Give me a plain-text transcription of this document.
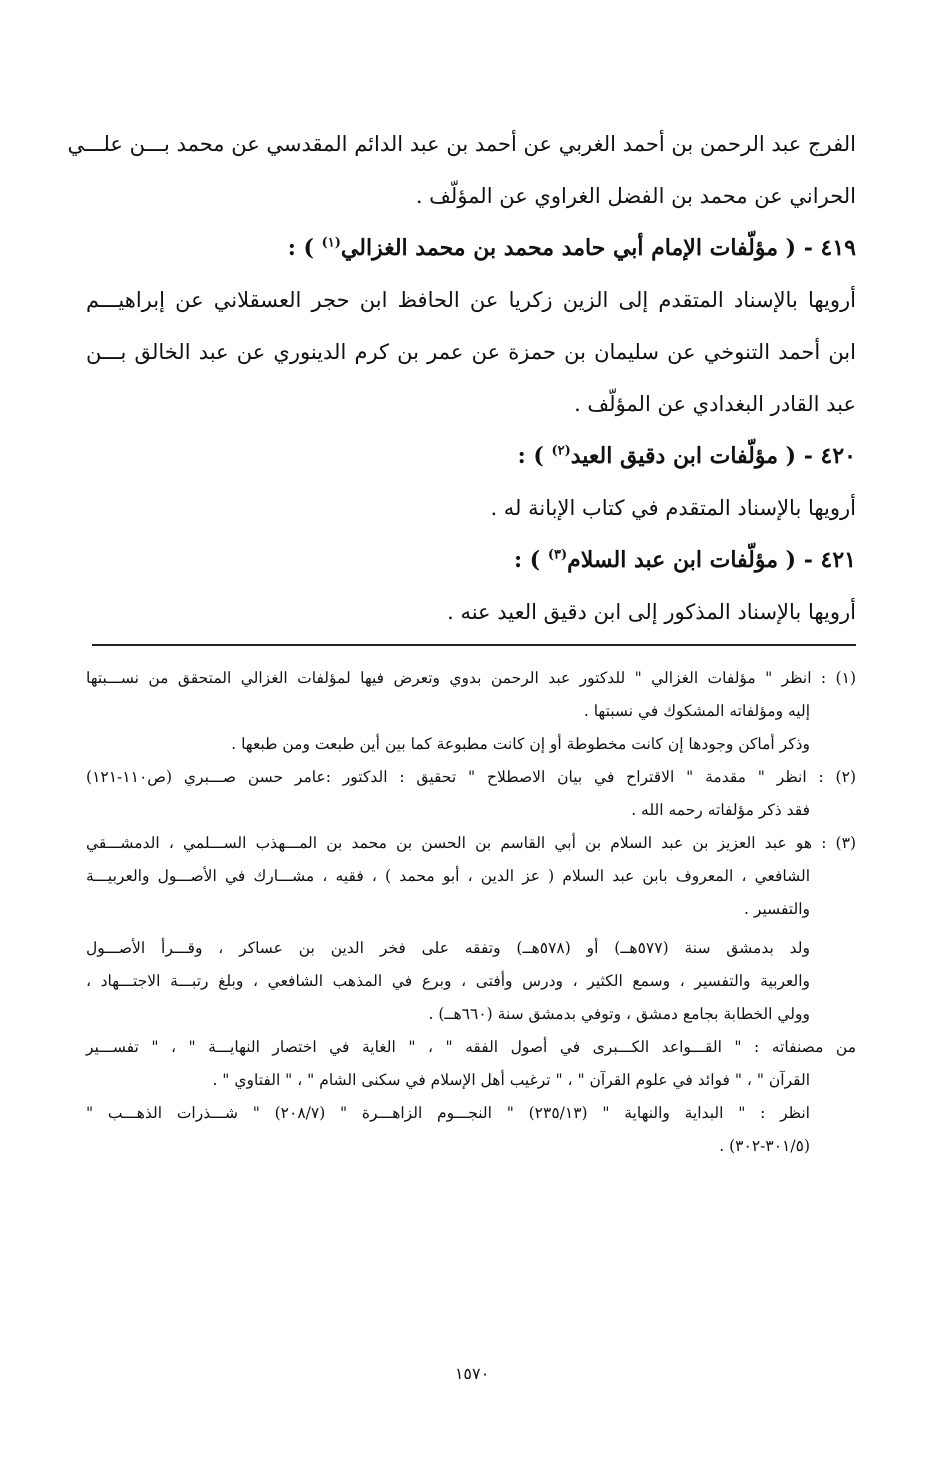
الفرج عبد الرحمن بن أحمد الغربي عن أحمد بن عبد الدائم المقدسي عن محمد بـــن علـــي
الحراني عن محمد بن الفضل الغراوي عن المؤلّف .
٤١٩ - ( مؤلّفات الإمام أبي حامد محمد بن محمد الغزالي$^{(١)}$ ) :
أرويها بالإسناد المتقدم إلى الزين زكريا عن الحافظ ابن حجر العسقلاني عن إبراهيـــم
ابن أحمد التنوخي عن سليمان بن حمزة عن عمر بن كرم الدينوري عن عبد الخالق بـــن
عبد القادر البغدادي عن المؤلّف .
٤٢٠ - ( مؤلّفات ابن دقيق العيد$^{(٢)}$ ) :
أرويها بالإسناد المتقدم في كتاب الإبانة له .
٤٢١ - ( مؤلّفات ابن عبد السلام$^{(٣)}$ ) :
أرويها بالإسناد المذكور إلى ابن دقيق العيد عنه .
(١) : انظر " مؤلفات الغزالي " للدكتور عبد الرحمن بدوي وتعرض فيها لمؤلفات الغزالي المتحقق من نســـبتها
إليه ومؤلفاته المشكوك في نسبتها .
وذكر أماكن وجودها إن كانت مخطوطة أو إن كانت مطبوعة كما بين أين طبعت ومن طبعها .
(٢) : انظر " مقدمة " الاقتراح في بيان الاصطلاح " تحقيق : الدكتور :عامر حسن صـــبري (ص١١٠-١٢١)
فقد ذكر مؤلفاته رحمه الله .
(٣) : هو عبد العزيز بن عبد السلام بن أبي القاسم بن الحسن بن محمد بن المـــهذب الســـلمي ، الدمشـــقي
الشافعي ، المعروف بابن عبد السلام ( عز الدين ، أبو محمد ) ، فقيه ، مشـــارك في الأصـــول والعربيـــة
والتفسير .
ولد بدمشق سنة (٥٧٧هــ) أو (٥٧٨هــ) وتفقه على فخر الدين بن عساكر ، وقـــرأ الأصـــول
والعربية والتفسير ، وسمع الكثير ، ودرس وأفتى ، وبرع في المذهب الشافعي ، وبلغ رتبـــة الاجتـــهاد ،
وولي الخطابة بجامع دمشق ، وتوفي بدمشق سنة (٦٦٠هــ) .
من مصنفاته : " القـــواعد الكـــبرى في أصول الفقه " ، " الغاية في اختصار النهايـــة " ، " تفســـير
القرآن " ، " فوائد في علوم القرآن " ، " ترغيب أهل الإسلام في سكنى الشام " ، " الفتاوي " .
انظر : " البداية والنهاية " (٢٣٥/١٣) " النجـــوم الزاهـــرة " (٢٠٨/٧) " شـــذرات الذهـــب "
(٣٠١/٥-٣٠٢) .
١٥٧٠
